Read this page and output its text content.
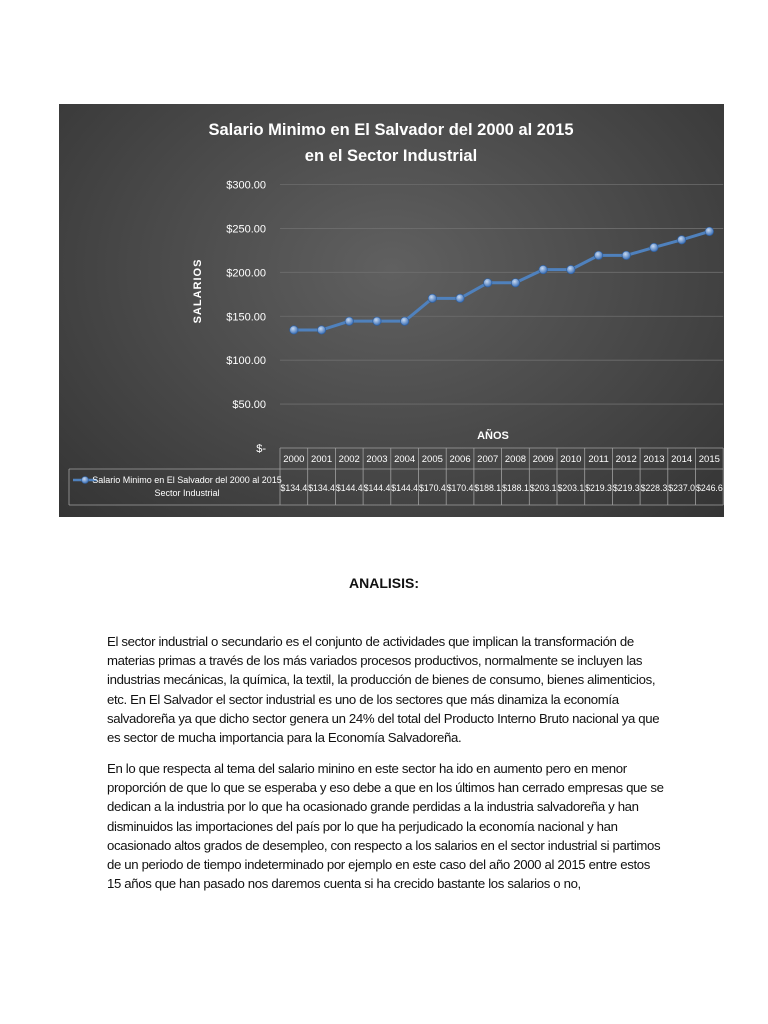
Salario Minimo en El Salvador del 2000 al 2015
en el Sector Industrial
$300.00
$250.00
$200.00
$150.00
$100.00
$50.00
$-
SALARIOS
AÑOS
2000
$134.4
2001
$134.4
2002
$144.4
2003
$144.4
2004
$144.4
2005
$170.4
2006
$170.4
2007
$188.1
2008
$188.1
2009
$203.1
2010
$203.1
2011
$219.3
2012
$219.3
2013
$228.3
2014
$237.0
2015
$246.6
Salario Minimo en El Salvador del 2000 al 2015
Sector Industrial
ANALISIS:
El sector industrial o secundario es el conjunto de actividades que implican la transformación de
materias primas a través de los más variados procesos productivos, normalmente se incluyen las
industrias mecánicas, la química, la textil, la producción de bienes de consumo, bienes alimenticios,
etc. En El Salvador el sector industrial es uno de los sectores que más dinamiza la economía
salvadoreña ya que dicho sector genera un 24% del total del Producto Interno Bruto nacional ya que
es sector de mucha importancia para la Economía Salvadoreña.
En lo que respecta al tema del salario minino en este sector ha ido en aumento pero en menor
proporción de que lo que se esperaba y eso debe a que en los últimos han cerrado empresas que se
dedican a la industria por lo que ha ocasionado grande perdidas a la industria salvadoreña y han
disminuidos las importaciones del país por lo que ha perjudicado la economía nacional y han
ocasionado altos grados de desempleo, con respecto a los salarios en el sector industrial si partimos
de un periodo de tiempo indeterminado por ejemplo en este caso del año 2000 al 2015 entre estos
15 años que han pasado nos daremos cuenta si ha crecido bastante los salarios o no,
